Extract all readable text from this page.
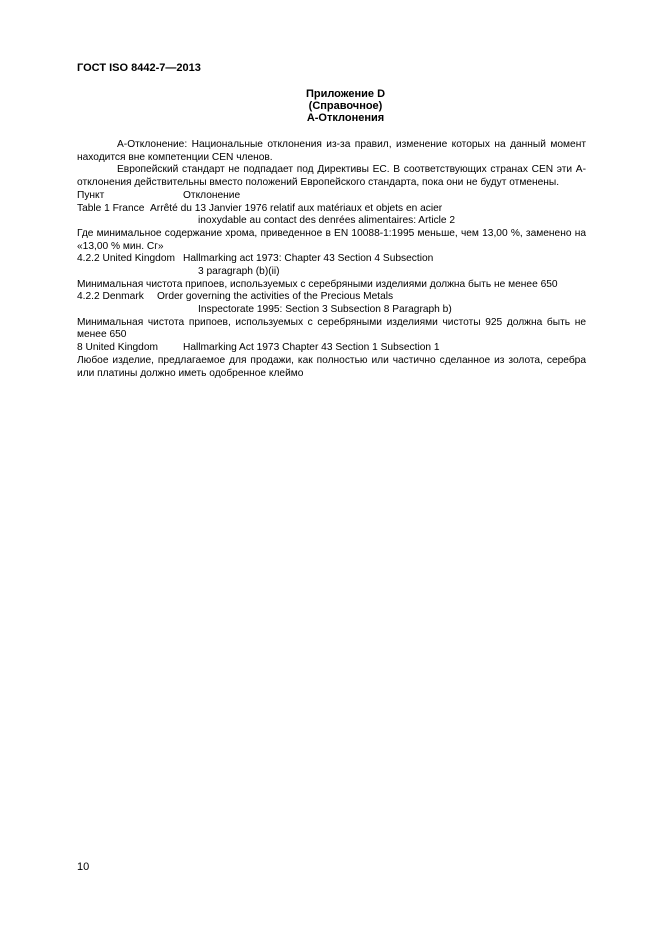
ГОСТ ISO 8442-7—2013
Приложение D
(Справочное)
А-Отклонения

А-Отклонение: Национальные отклонения из-за правил, изменение которых на данный момент находится вне компетенции CEN членов.

Европейский стандарт не подпадает под Директивы ЕС. В соответствующих странах CEN эти А-отклонения действительны вместо положений Европейского стандарта, пока они не будут отменены.

Пункт	Отклонение
Table 1 France Arrêté du 13 Janvier 1976 relatif aux matériaux et objets en acier
inoxydable au contact des denrées alimentaires: Article 2

Где минимальное содержание хрома, приведенное в EN 10088-1:1995 меньше, чем 13,00 %, заменено на «13,00 % мин. Сг»

4.2.2 United Kingdom Hallmarking act 1973: Chapter 43 Section 4 Subsection
3 paragraph (b)(ii)

Минимальная чистота припоев, используемых с серебряными изделиями должна быть не менее 650

4.2.2 Denmark Order governing the activities of the Precious Metals
Inspectorate 1995: Section 3 Subsection 8 Paragraph b)

Минимальная чистота припоев, используемых с серебряными изделиями чистоты 925 должна быть не менее 650

8 United Kingdom Hallmarking Act 1973 Chapter 43 Section 1 Subsection 1

Любое изделие, предлагаемое для продажи, как полностью или частично сделанное из золота, серебра или платины должно иметь одобренное клеймо

10
